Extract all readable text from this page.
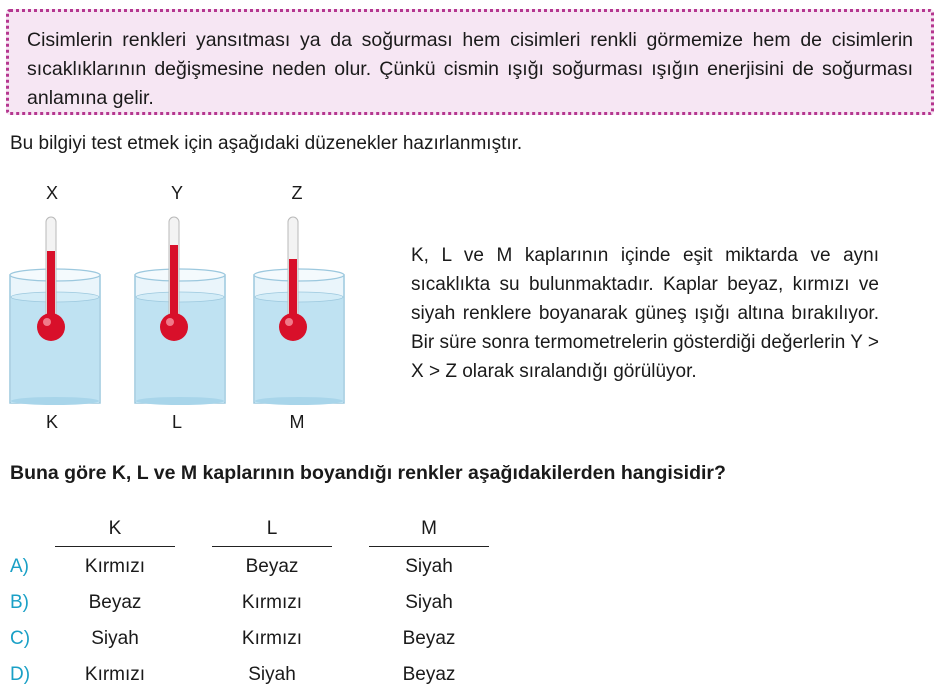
Cisimlerin renkleri yansıtması ya da soğurması hem cisimleri renkli görmemize hem de cisimlerin sıcaklıklarının değişmesine neden olur. Çünkü cismin ışığı soğurması ışığın enerjisini de soğurması anlamına gelir.

Bu bilgiyi test etmek için aşağıdaki düzenekler hazırlanmıştır.

X
K
Y
L
Z
M

K, L ve M kaplarının içinde eşit miktarda ve aynı sıcaklıkta su bulunmaktadır. Kaplar beyaz, kırmızı ve siyah renklere boyanarak güneş ışığı altına bırakılıyor. Bir süre sonra termometrelerin gösterdiği değerlerin Y > X > Z olarak sıralandığı görülüyor.

Buna göre K, L ve M kaplarının boyandığı renkler aşağıdakilerden hangisidir?

K	L	M
A)	Kırmızı	Beyaz	Siyah
B)	Beyaz	Kırmızı	Siyah
C)	Siyah	Kırmızı	Beyaz
D)	Kırmızı	Siyah	Beyaz
